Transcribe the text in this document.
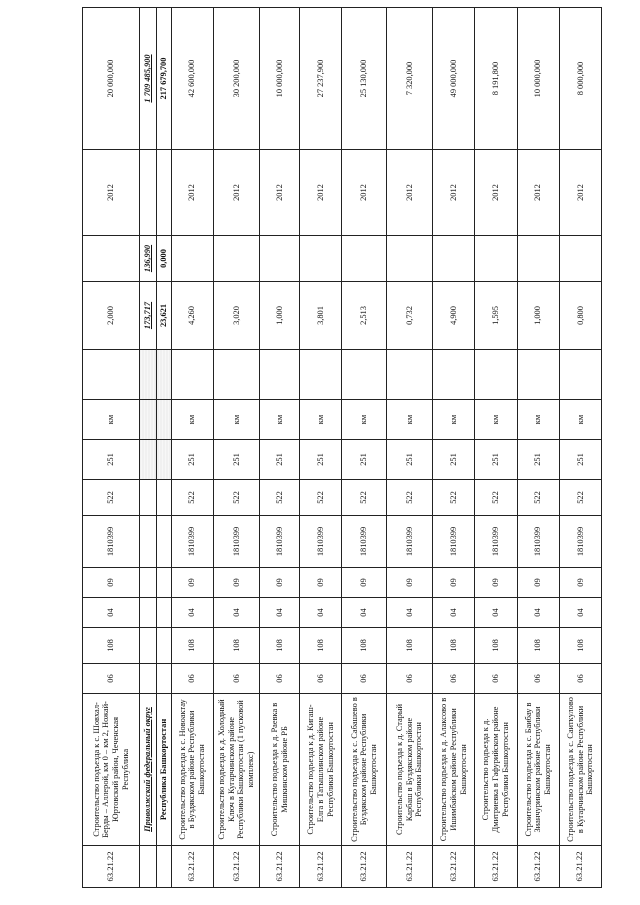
63.21.22	Строительство подъезда к с. Шовхал-Берды – Аллерой, км 0 – км 2, Ножай-Юртовский район, Чеченская Республика	06	108	04	09	1810399	522	251	км		2,000		2012	20 000,000
	Приволжский федеральный округ										173,717	136,990		1 709 485,900
	Республика Башкортостан										23,621	0,000		217 679,700
63.21.22	Строительство подъезда к с. Новоактау в Буздякском районе Республики Башкортостан	06	108	04	09	1810399	522	251	км		4,260		2012	42 600,000
63.21.22	Строительство подъезда к д. Холодный Ключ в Кугарчинском районе Республики Башкортостан (1 пусковой комплекс)	06	108	04	09	1810399	522	251	км		3,020		2012	30 200,000
63.21.22	Строительство подъезда к д. Раевка в Мишкинском районе РБ	06	108	04	09	1810399	522	251	км		1,000		2012	10 000,000
63.21.22	Строительство подъезда к д. Кигаш-Елга в Татышлинском районе Республики Башкортостан	06	108	04	09	1810399	522	251	км		3,801		2012	27 237,900
63.21.22	Строительство подъезда к с. Сабашево в Буздякском районе Республики Башкортостан	06	108	04	09	1810399	522	251	км		2,513		2012	25 130,000
63.21.22	Строительство подъезда к д. Старый Карбаш в Буздякском районе Республики Башкортостан	06	108	04	09	1810399	522	251	км		0,732		2012	7 320,000
63.21.22	Строительство подъезда к д. Алаксово в Ишимбайском районе Республики Башкортостан	06	108	04	09	1810399	522	251	км		4,900		2012	49 000,000
63.21.22	Строительство подъезда к д. Дмитриевка в Гафурийском районе Республики Башкортостан	06	108	04	09	1810399	522	251	км		1,595		2012	8 191,800
63.21.22	Строительство подъезда к с. Баибау в Зианчуринском районе Республики Башкортостан	06	108	04	09	1810399	522	251	км		1,000		2012	10 000,000
63.21.22	Строительство подъезда к с. Саиткулово в Кугарчинском районе Республики Башкортостан	06	108	04	09	1810399	522	251	км		0,800		2012	8 000,000
